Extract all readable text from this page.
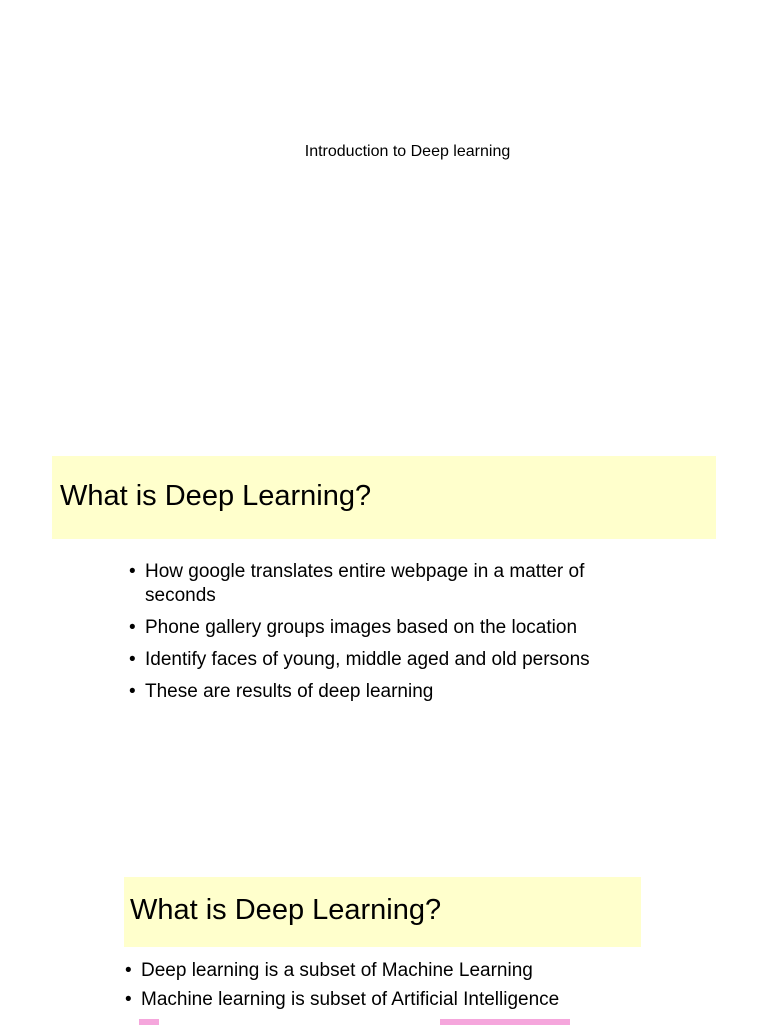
Introduction to Deep learning
What is Deep Learning?
• How google translates entire webpage in a matter of seconds
• Phone gallery groups images based on the location
• Identify faces of young, middle aged and old persons
• These are results of deep learning
What is Deep Learning?
• Deep learning is a subset of Machine Learning
• Machine learning is subset of Artificial Intelligence
